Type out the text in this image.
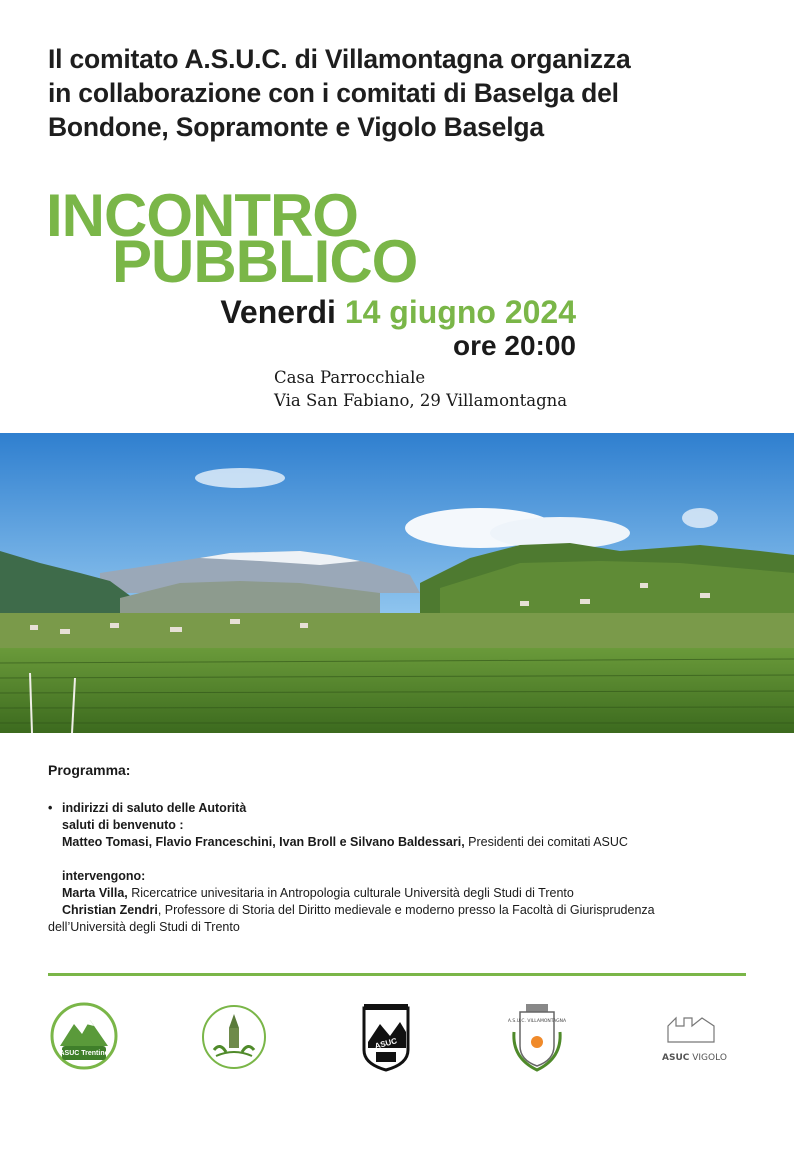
Il comitato A.S.U.C. di Villamontagna organizza
in collaborazione con i comitati di Baselga del
Bondone, Sopramonte e Vigolo Baselga
INCONTRO
PUBBLICO
Venerdi 14 giugno 2024
ore 20:00
Casa Parrocchiale
Via San Fabiano, 29 Villamontagna
© Matteo Ianeselli / Wikimedia Commons / CC-BY-SA-4.0 & GFDL
Programma:
• indirizzi di saluto delle Autorità
saluti di benvenuto :
Matteo Tomasi, Flavio Franceschini, Ivan Broll e Silvano Baldessari, Presidenti dei comitati ASUC
intervengono:
Marta Villa, Ricercatrice univesitaria in Antropologia culturale Università degli Studi di Trento
Christian Zendri, Professore di Storia del Diritto medievale e moderno presso la Facoltà di Giurisprudenza
dell’Università degli Studi di Trento
ASUC Trentine
ASUC
A.S.U.C. VILLAMONTAGNA
ASUC VIGOLO
